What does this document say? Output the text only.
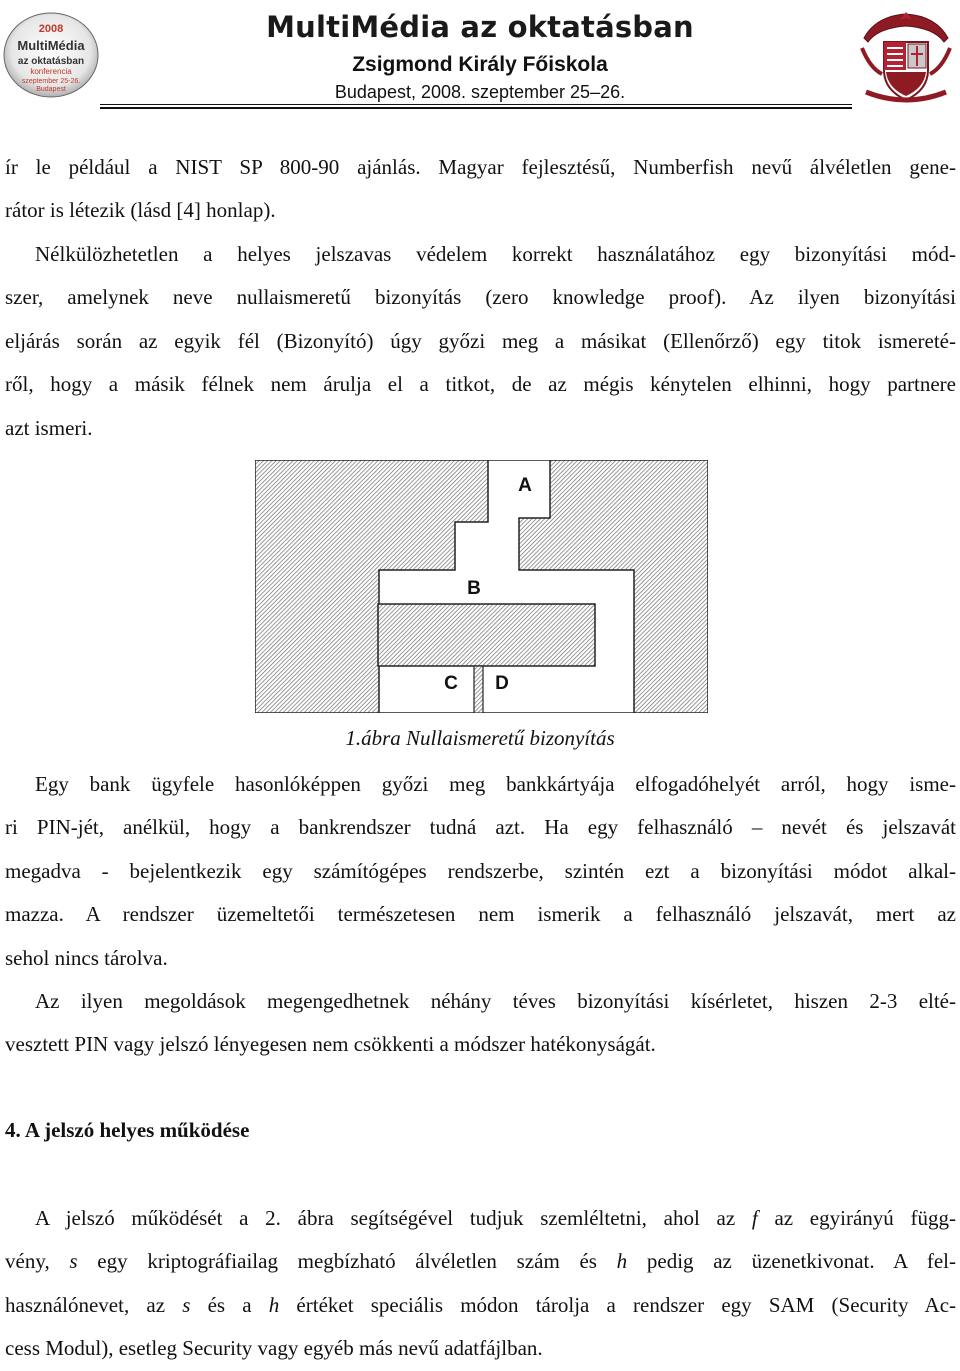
2008
MultiMédia
az oktatásban
konferencia
szeptember 25-26.
Budapest
MultiMédia az oktatásban
Zsigmond Király Főiskola
Budapest, 2008. szeptember 25–26.
ír le például a NIST SP 800-90 ajánlás. Magyar fejlesztésű, Numberfish nevű álvéletlen gene-
rátor is létezik (lásd [4] honlap).
Nélkülözhetetlen a helyes jelszavas védelem korrekt használatához egy bizonyítási mód-
szer, amelynek neve nullaismeretű bizonyítás (zero knowledge proof). Az ilyen bizonyítási
eljárás során az egyik fél (Bizonyító) úgy győzi meg a másikat (Ellenőrző) egy titok ismereté-
ről, hogy a másik félnek nem árulja el a titkot, de az mégis kénytelen elhinni, hogy partnere
azt ismeri.
A
B
C D
1.ábra Nullaismeretű bizonyítás
Egy bank ügyfele hasonlóképpen győzi meg bankkártyája elfogadóhelyét arról, hogy isme-
ri PIN-jét, anélkül, hogy a bankrendszer tudná azt. Ha egy felhasználó – nevét és jelszavát
megadva - bejelentkezik egy számítógépes rendszerbe, szintén ezt a bizonyítási módot alkal-
mazza. A rendszer üzemeltetői természetesen nem ismerik a felhasználó jelszavát, mert az
sehol nincs tárolva.
Az ilyen megoldások megengedhetnek néhány téves bizonyítási kísérletet, hiszen 2-3 elté-
vesztett PIN vagy jelszó lényegesen nem csökkenti a módszer hatékonyságát.
4. A jelszó helyes működése
A jelszó működését a 2. ábra segítségével tudjuk szemléltetni, ahol az f az egyirányú függ-
vény, s egy kriptográfiailag megbízható álvéletlen szám és h pedig az üzenetkivonat. A fel-
használónevet, az s és a h értéket speciális módon tárolja a rendszer egy SAM (Security Ac-
cess Modul), esetleg Security vagy egyéb más nevű adatfájlban.
